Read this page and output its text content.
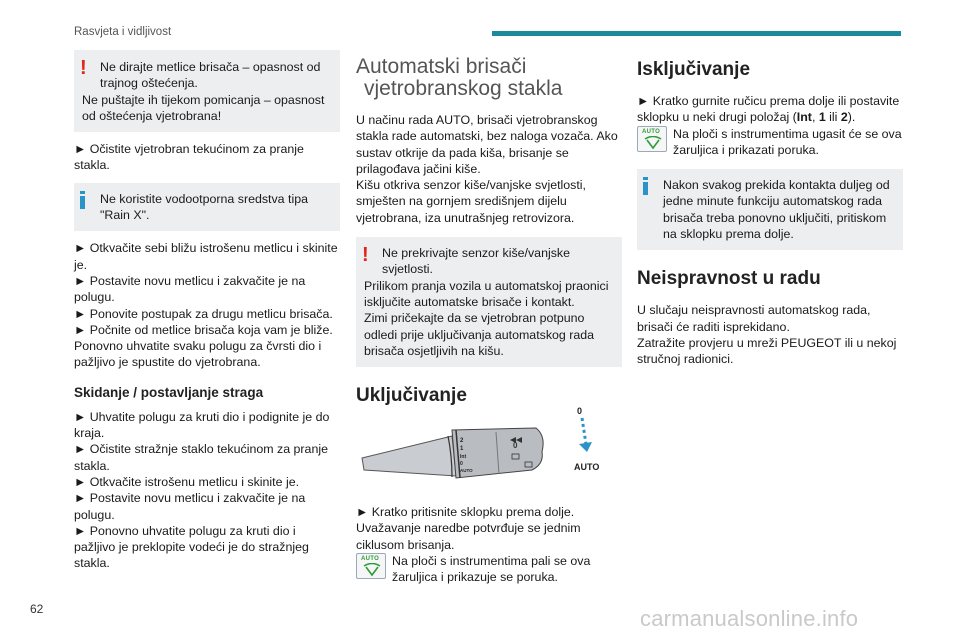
Rasvjeta i vidljivost
!	Ne dirajte metlice brisača – opasnost od trajnog oštećenja.
Ne puštajte ih tijekom pomicanja – opasnost od oštećenja vjetrobrana!

► Očistite vjetrobran tekućinom za pranje stakla.

Ne koristite vodootporna sredstva tipa "Rain X".

► Otkvačite sebi bližu istrošenu metlicu i skinite je.

► Postavite novu metlicu i zakvačite je na polugu.

► Ponovite postupak za drugu metlicu brisača.

► Počnite od metlice brisača koja vam je bliže. Ponovno uhvatite svaku polugu za čvrsti dio i pažljivo je spustite do vjetrobrana.

Skidanje / postavljanje straga

► Uhvatite polugu za kruti dio i podignite je do kraja.

► Očistite stražnje staklo tekućinom za pranje stakla.

► Otkvačite istrošenu metlicu i skinite je.

► Postavite novu metlicu i zakvačite je na polugu.

► Ponovno uhvatite polugu za kruti dio i pažljivo je preklopite vodeći je do stražnjeg stakla.

Automatski brisači
vjetrobranskog stakla

U načinu rada AUTO, brisači vjetrobranskog stakla rade automatski, bez naloga vozača. Ako sustav otkrije da pada kiša, brisanje se prilagođava jačini kiše.

Kišu otkriva senzor kiše/vanjske svjetlosti, smješten na gornjem središnjem dijelu vjetrobrana, iza unutrašnjeg retrovizora.

!	Ne prekrivajte senzor kiše/vanjske svjetlosti.
Prilikom pranja vozila u automatskoj praonici isključite automatske brisače i kontakt.
Zimi pričekajte da se vjetrobran potpuno odledi prije uključivanja automatskog rada brisača osjetljivih na kišu.
Uključivanje
2
1
Int
0
AUTO
0
0
AUTO

► Kratko pritisnite sklopku prema dolje.

Uvažavanje naredbe potvrđuje se jednim ciklusom brisanja.

AUTO Na ploči s instrumentima pali se ova žaruljica i prikazuje se poruka.

Isključivanje

► Kratko gurnite ručicu prema dolje ili postavite sklopku u neki drugi položaj (Int, 1 ili 2).

AUTO Na ploči s instrumentima ugasit će se ova žaruljica i prikazati poruka.

Nakon svakog prekida kontakta duljeg od jedne minute funkciju automatskog rada brisača treba ponovno uključiti, pritiskom na sklopku prema dolje.
Neispravnost u radu

U slučaju neispravnosti automatskog rada, brisači će raditi isprekidano.

Zatražite provjeru u mreži PEUGEOT ili u nekoj stručnoj radionici.

62	carmanualsonline.info
